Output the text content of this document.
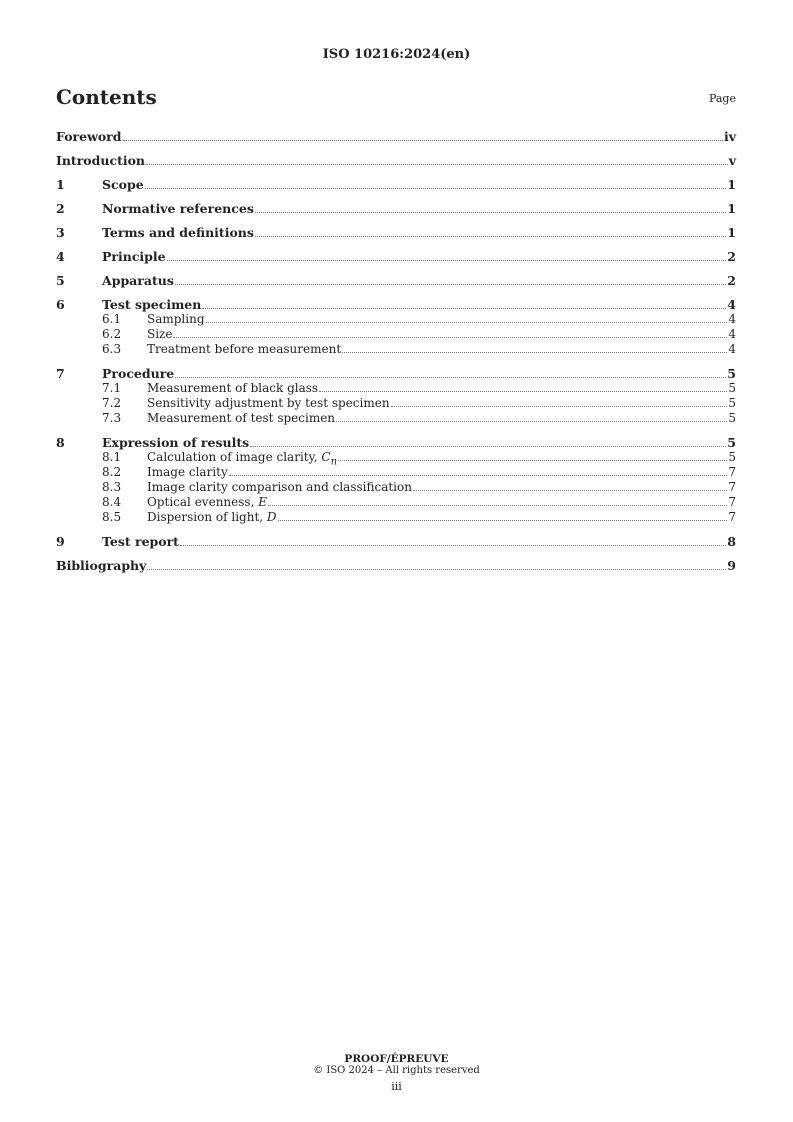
ISO 10216:2024(en)
Contents	Page
Foreword	iv
Introduction	v
1	Scope	1
2	Normative references	1
3	Terms and definitions	1
4	Principle	2
5	Apparatus	2
6	Test specimen	4
6.1	Sampling	4
6.2	Size	4
6.3	Treatment before measurement	4
7	Procedure	5
7.1	Measurement of black glass	5
7.2	Sensitivity adjustment by test specimen	5
7.3	Measurement of test specimen	5
8	Expression of results	5
8.1	Calculation of image clarity, $C_n$	5
8.2	Image clarity	7
8.3	Image clarity comparison and classification	7
8.4	Optical evenness, E	7
8.5	Dispersion of light, D	7
9	Test report	8
Bibliography	9
PROOF/ÉPREUVE
© ISO 2024 – All rights reserved
iii
